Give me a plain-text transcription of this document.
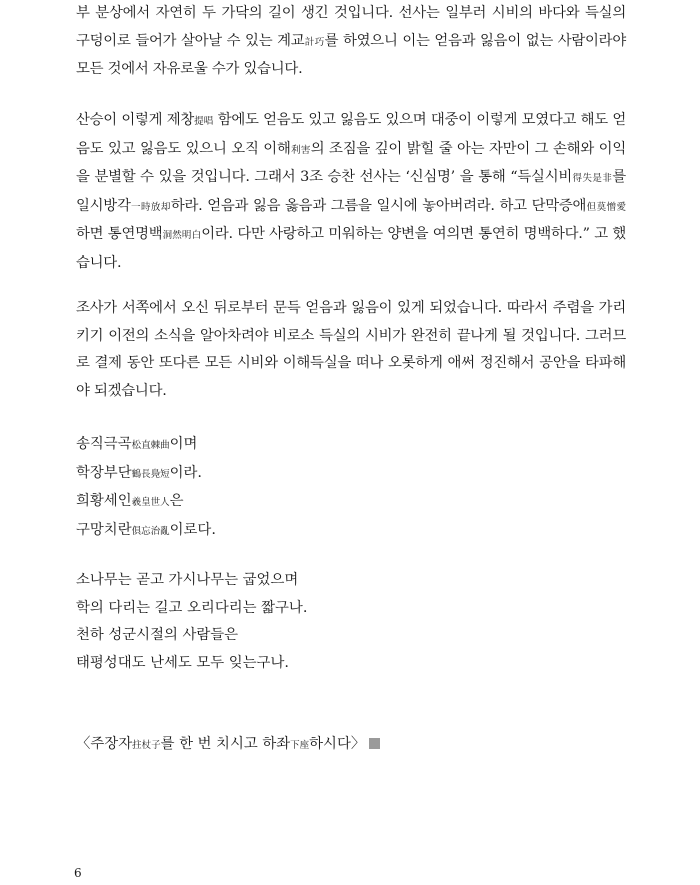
부 분상에서 자연히 두 가닥의 길이 생긴 것입니다. 선사는 일부러 시비의 바다와 득실의 구덩이로 들어가 살아날 수 있는 계교計巧를 하였으니 이는 얻음과 잃음이 없는 사람이라야 모든 것에서 자유로울 수가 있습니다.

산승이 이렇게 제창提唱 함에도 얻음도 있고 잃음도 있으며 대중이 이렇게 모였다고 해도 얻음도 있고 잃음도 있으니 오직 이해利害의 조짐을 깊이 밝힐 줄 아는 자만이 그 손해와 이익을 분별할 수 있을 것입니다. 그래서 3조 승찬 선사는 ‘신심명’ 을 통해 “득실시비得失是非를 일시방각一時放却하라. 얻음과 잃음 옳음과 그름을 일시에 놓아버려라. 하고 단막증애但莫憎愛하면 통연명백洞然明白이라. 다만 사랑하고 미워하는 양변을 여의면 통연히 명백하다.” 고 했습니다.

조사가 서쪽에서 오신 뒤로부터 문득 얻음과 잃음이 있게 되었습니다. 따라서 주렴을 가리키기 이전의 소식을 알아차려야 비로소 득실의 시비가 완전히 끝나게 될 것입니다. 그러므로 결제 동안 또다른 모든 시비와 이해득실을 떠나 오롯하게 애써 정진해서 공안을 타파해야 되겠습니다.

송직극곡松直棘曲이며
학장부단鶴長鳧短이라.
희황세인羲皇世人은
구망치란俱忘治亂이로다.
소나무는 곧고 가시나무는 굽었으며
학의 다리는 길고 오리다리는 짧구나.
천하 성군시절의 사람들은
태평성대도 난세도 모두 잊는구나.

〈주장자拄杖子를 한 번 치시고 하좌下座하시다〉

6
